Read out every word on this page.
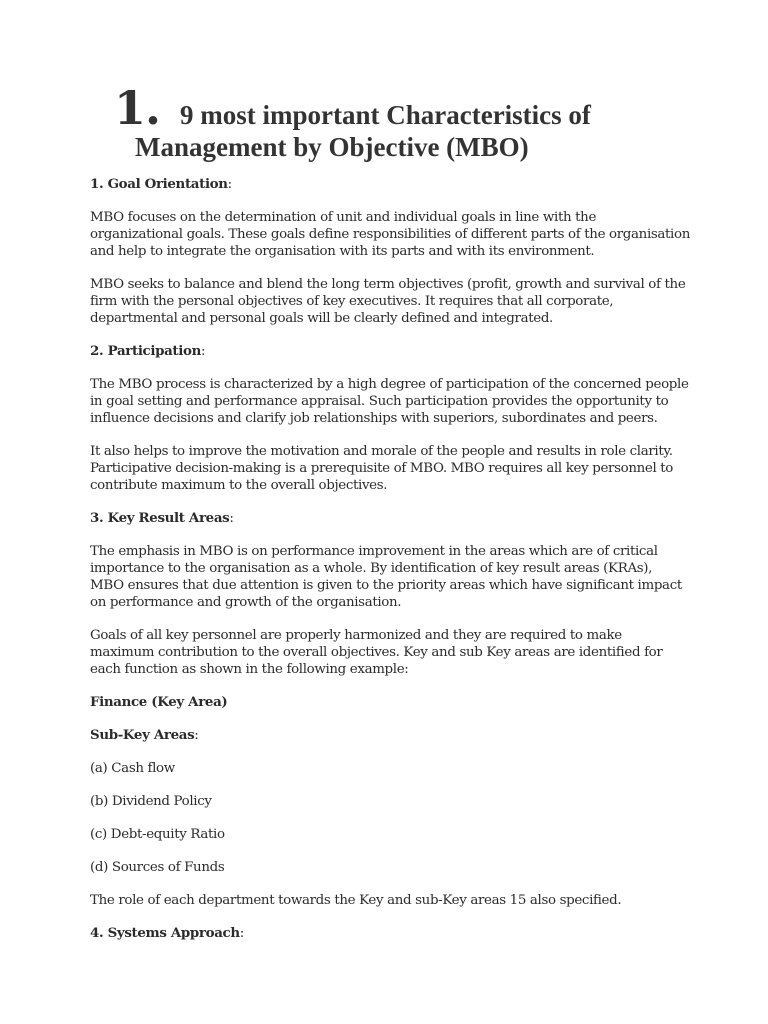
1. 9 most important Characteristics of
Management by Objective (MBO)
1. Goal Orientation:
MBO focuses on the determination of unit and individual goals in line with the
organizational goals. These goals define responsibilities of different parts of the organisation
and help to integrate the organisation with its parts and with its environment.
MBO seeks to balance and blend the long term objectives (profit, growth and survival of the
firm with the personal objectives of key executives. It requires that all corporate,
departmental and personal goals will be clearly defined and integrated.
2. Participation:
The MBO process is characterized by a high degree of participation of the concerned people
in goal setting and performance appraisal. Such participation provides the opportunity to
influence decisions and clarify job relationships with superiors, subordinates and peers.
It also helps to improve the motivation and morale of the people and results in role clarity.
Participative decision-making is a prerequisite of MBO. MBO requires all key personnel to
contribute maximum to the overall objectives.
3. Key Result Areas:
The emphasis in MBO is on performance improvement in the areas which are of critical
importance to the organisation as a whole. By identification of key result areas (KRAs),
MBO ensures that due attention is given to the priority areas which have significant impact
on performance and growth of the organisation.
Goals of all key personnel are properly harmonized and they are required to make
maximum contribution to the overall objectives. Key and sub Key areas are identified for
each function as shown in the following example:
Finance (Key Area)
Sub-Key Areas:
(a) Cash flow
(b) Dividend Policy
(c) Debt-equity Ratio
(d) Sources of Funds
The role of each department towards the Key and sub-Key areas 15 also specified.
4. Systems Approach:
